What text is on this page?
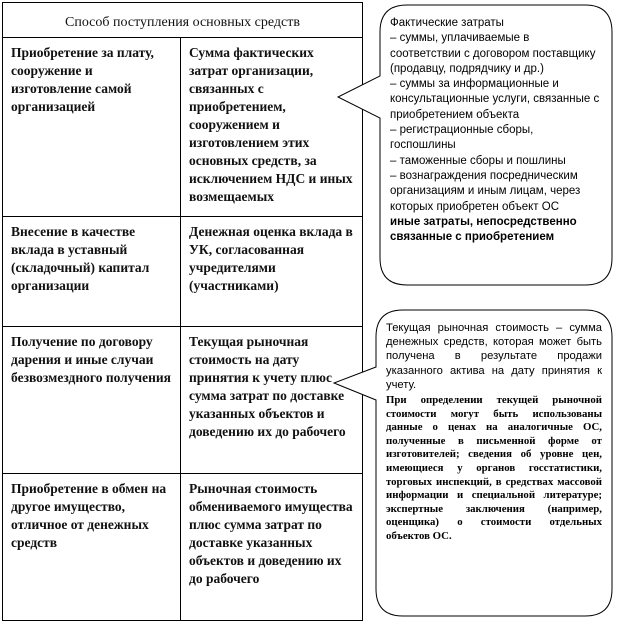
Способ поступления основных средств	
Приобретение за плату, сооружение и изготовление самой организацией	Сумма фактических затрат организации, связанных с приобретением, сооружением и изготовлением этих основных средств, за исключением НДС и иных возмещаемых
Внесение в качестве вклада в уставный (складочный) капитал организации	Денежная оценка вклада в УК, согласованная учредителями (участниками)
Получение по договору дарения и иные случаи безвозмездного получения	Текущая рыночная стоимость на дату принятия к учету плюс сумма затрат по доставке указанных объектов и доведению их до рабочего
Приобретение в обмен на другое имущество, отличное от денежных средств	Рыночная стоимость обмениваемого имущества плюс сумма затрат по доставке указанных объектов и доведению их до рабочего
Фактические затраты
– суммы, уплачиваемые в соответствии с договором поставщику (продавцу, подрядчику и др.)
– суммы за информационные и консультационные услуги, связанные с приобретением объекта
– регистрационные сборы, госпошлины
– таможенные сборы и пошлины
– вознаграждения посредническим организациям и иным лицам, через которых приобретен объект ОС
иные затраты, непосредственно
связанные с приобретением
Текущая рыночная стоимость – сумма денежных средств, которая может быть получена в результате продажи указанного актива на дату принятия к учету.
При определении текущей рыночной стоимости могут быть использованы данные о ценах на аналогичные ОС, полученные в письменной форме от изготовителей; сведения об уровне цен, имеющиеся у органов госстатистики, торговых инспекций, в средствах массовой информации и специальной литературе; экспертные заключения (например, оценщика) о стоимости отдельных объектов ОС.
